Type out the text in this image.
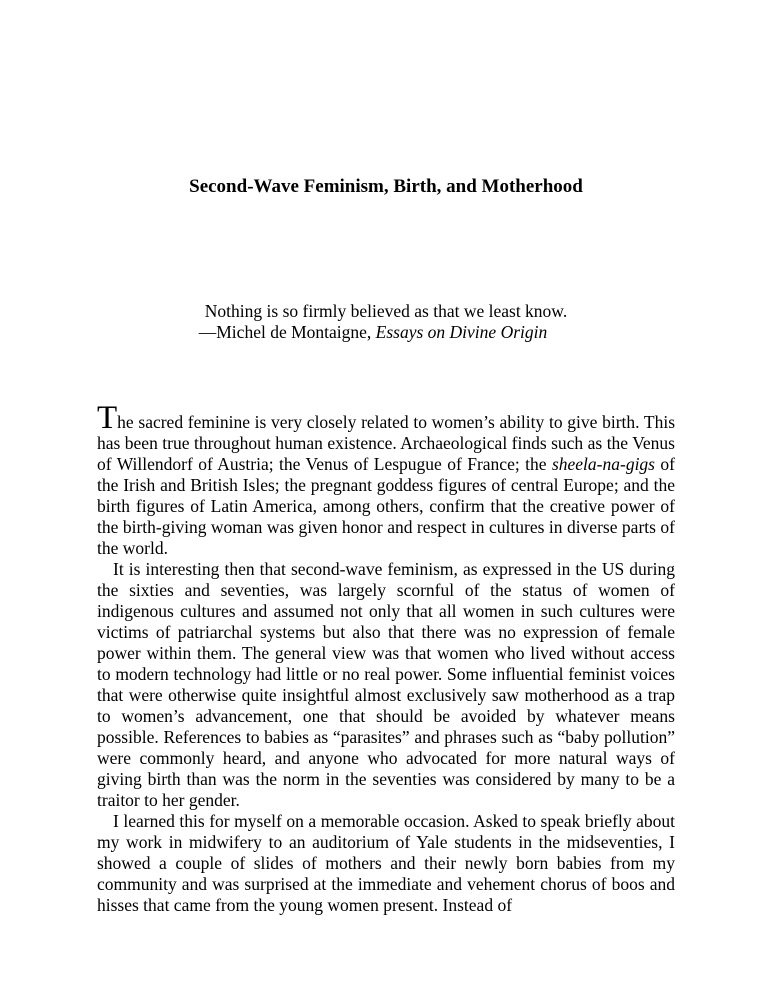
Second-Wave Feminism, Birth, and Motherhood
Nothing is so firmly believed as that we least know.
—Michel de Montaigne, Essays on Divine Origin

The sacred feminine is very closely related to women’s ability to give birth. This has been true throughout human existence. Archaeological finds such as the Venus of Willendorf of Austria; the Venus of Lespugue of France; the sheela-na-gigs of the Irish and British Isles; the pregnant goddess figures of central Europe; and the birth figures of Latin America, among others, confirm that the creative power of the birth-giving woman was given honor and respect in cultures in diverse parts of the world.

It is interesting then that second-wave feminism, as expressed in the US during the sixties and seventies, was largely scornful of the status of women of indigenous cultures and assumed not only that all women in such cultures were victims of patriarchal systems but also that there was no expression of female power within them. The general view was that women who lived without access to modern technology had little or no real power. Some influential feminist voices that were otherwise quite insightful almost exclusively saw motherhood as a trap to women’s advancement, one that should be avoided by whatever means possible. References to babies as “parasites” and phrases such as “baby pollution” were commonly heard, and anyone who advocated for more natural ways of giving birth than was the norm in the seventies was considered by many to be a traitor to her gender.

I learned this for myself on a memorable occasion. Asked to speak briefly about my work in midwifery to an auditorium of Yale students in the midseventies, I showed a couple of slides of mothers and their newly born babies from my community and was surprised at the immediate and vehement chorus of boos and hisses that came from the young women present. Instead of
